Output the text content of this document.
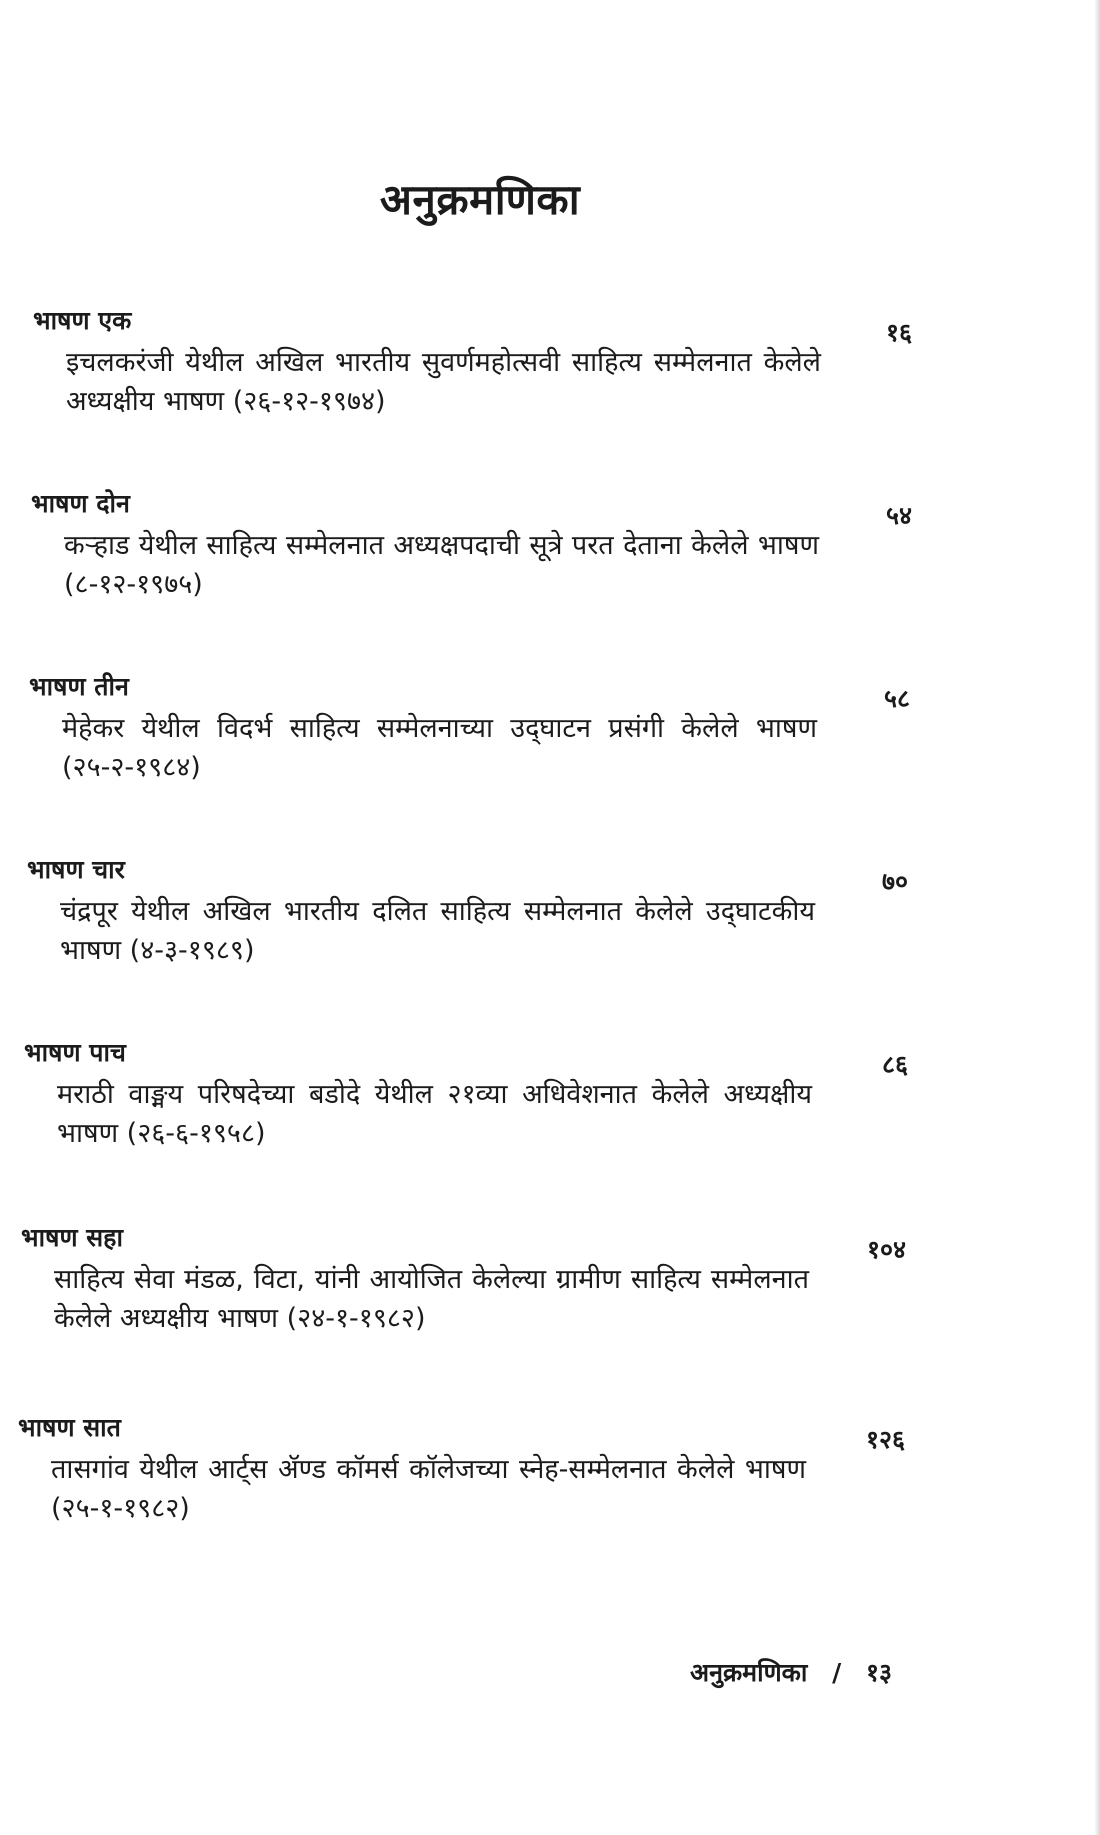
अनुक्रमणिका
भाषण एक	१६
इचलकरंजी येथील अखिल भारतीय सुवर्णमहोत्सवी साहित्य सम्मेलनात केलेले अध्यक्षीय भाषण (२६-१२-१९७४)
भाषण दोन	५४
कऱ्हाड येथील साहित्य सम्मेलनात अध्यक्षपदाची सूत्रे परत देताना केलेले भाषण (८-१२-१९७५)
भाषण तीन	५८
मेहेकर येथील विदर्भ साहित्य सम्मेलनाच्या उद्‌घाटन प्रसंगी केलेले भाषण (२५-२-१९८४)
भाषण चार	७०
चंद्रपूर येथील अखिल भारतीय दलित साहित्य सम्मेलनात केलेले उद्‌घाटकीय भाषण (४-३-१९८९)
भाषण पाच	८६
मराठी वाङ्मय परिषदेच्या बडोदे येथील २१व्या अधिवेशनात केलेले अध्यक्षीय भाषण (२६-६-१९५८)
भाषण सहा	१०४
साहित्य सेवा मंडळ, विटा, यांनी आयोजित केलेल्या ग्रामीण साहित्य सम्मेलनात केलेले अध्यक्षीय भाषण (२४-१-१९८२)
भाषण सात	१२६
तासगांव येथील आर्ट्‌स ॲण्ड कॉमर्स कॉलेजच्या स्नेह-सम्मेलनात केलेले भाषण (२५-१-१९८२)
अनुक्रमणिका / १३
